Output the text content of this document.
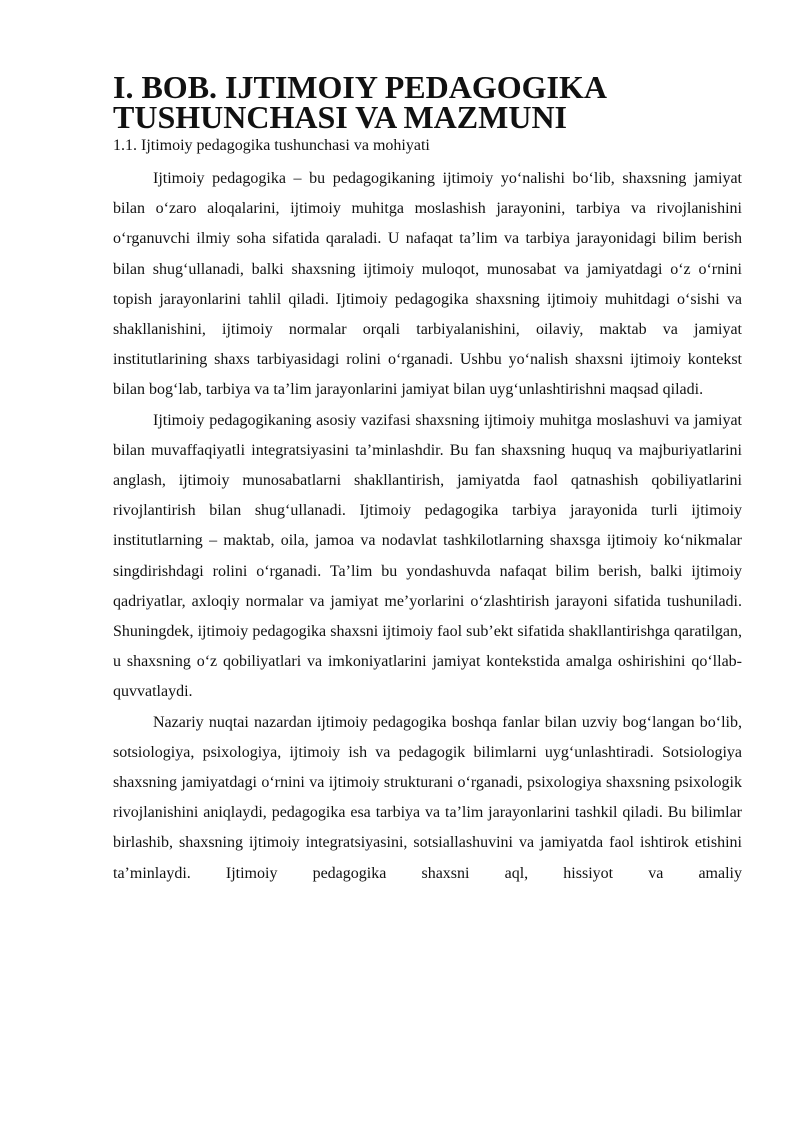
I. BOB. IJTIMOIY PEDAGOGIKA TUSHUNCHASI VA MAZMUNI
1.1. Ijtimoiy pedagogika tushunchasi va mohiyati

Ijtimoiy pedagogika – bu pedagogikaning ijtimoiy yo‘nalishi bo‘lib, shaxsning jamiyat bilan o‘zaro aloqalarini, ijtimoiy muhitga moslashish jarayonini, tarbiya va rivojlanishini o‘rganuvchi ilmiy soha sifatida qaraladi. U nafaqat ta’lim va tarbiya jarayonidagi bilim berish bilan shug‘ullanadi, balki shaxsning ijtimoiy muloqot, munosabat va jamiyatdagi o‘z o‘rnini topish jarayonlarini tahlil qiladi. Ijtimoiy pedagogika shaxsning ijtimoiy muhitdagi o‘sishi va shakllanishini, ijtimoiy normalar orqali tarbiyalanishini, oilaviy, maktab va jamiyat institutlarining shaxs tarbiyasidagi rolini o‘rganadi. Ushbu yo‘nalish shaxsni ijtimoiy kontekst bilan bog‘lab, tarbiya va ta’lim jarayonlarini jamiyat bilan uyg‘unlashtirishni maqsad qiladi.

Ijtimoiy pedagogikaning asosiy vazifasi shaxsning ijtimoiy muhitga moslashuvi va jamiyat bilan muvaffaqiyatli integratsiyasini ta’minlashdir. Bu fan shaxsning huquq va majburiyatlarini anglash, ijtimoiy munosabatlarni shakllantirish, jamiyatda faol qatnashish qobiliyatlarini rivojlantirish bilan shug‘ullanadi. Ijtimoiy pedagogika tarbiya jarayonida turli ijtimoiy institutlarning – maktab, oila, jamoa va nodavlat tashkilotlarning shaxsga ijtimoiy ko‘nikmalar singdirishdagi rolini o‘rganadi. Ta’lim bu yondashuvda nafaqat bilim berish, balki ijtimoiy qadriyatlar, axloqiy normalar va jamiyat me’yorlarini o‘zlashtirish jarayoni sifatida tushuniladi. Shuningdek, ijtimoiy pedagogika shaxsni ijtimoiy faol sub’ekt sifatida shakllantirishga qaratilgan, u shaxsning o‘z qobiliyatlari va imkoniyatlarini jamiyat kontekstida amalga oshirishini qo‘llab-quvvatlaydi.

Nazariy nuqtai nazardan ijtimoiy pedagogika boshqa fanlar bilan uzviy bog‘langan bo‘lib, sotsiologiya, psixologiya, ijtimoiy ish va pedagogik bilimlarni uyg‘unlashtiradi. Sotsiologiya shaxsning jamiyatdagi o‘rnini va ijtimoiy strukturani o‘rganadi, psixologiya shaxsning psixologik rivojlanishini aniqlaydi, pedagogika esa tarbiya va ta’lim jarayonlarini tashkil qiladi. Bu bilimlar birlashib, shaxsning ijtimoiy integratsiyasini, sotsiallashuvini va jamiyatda faol ishtirok etishini ta’minlaydi. Ijtimoiy pedagogika shaxsni aql, hissiyot va amaliy
